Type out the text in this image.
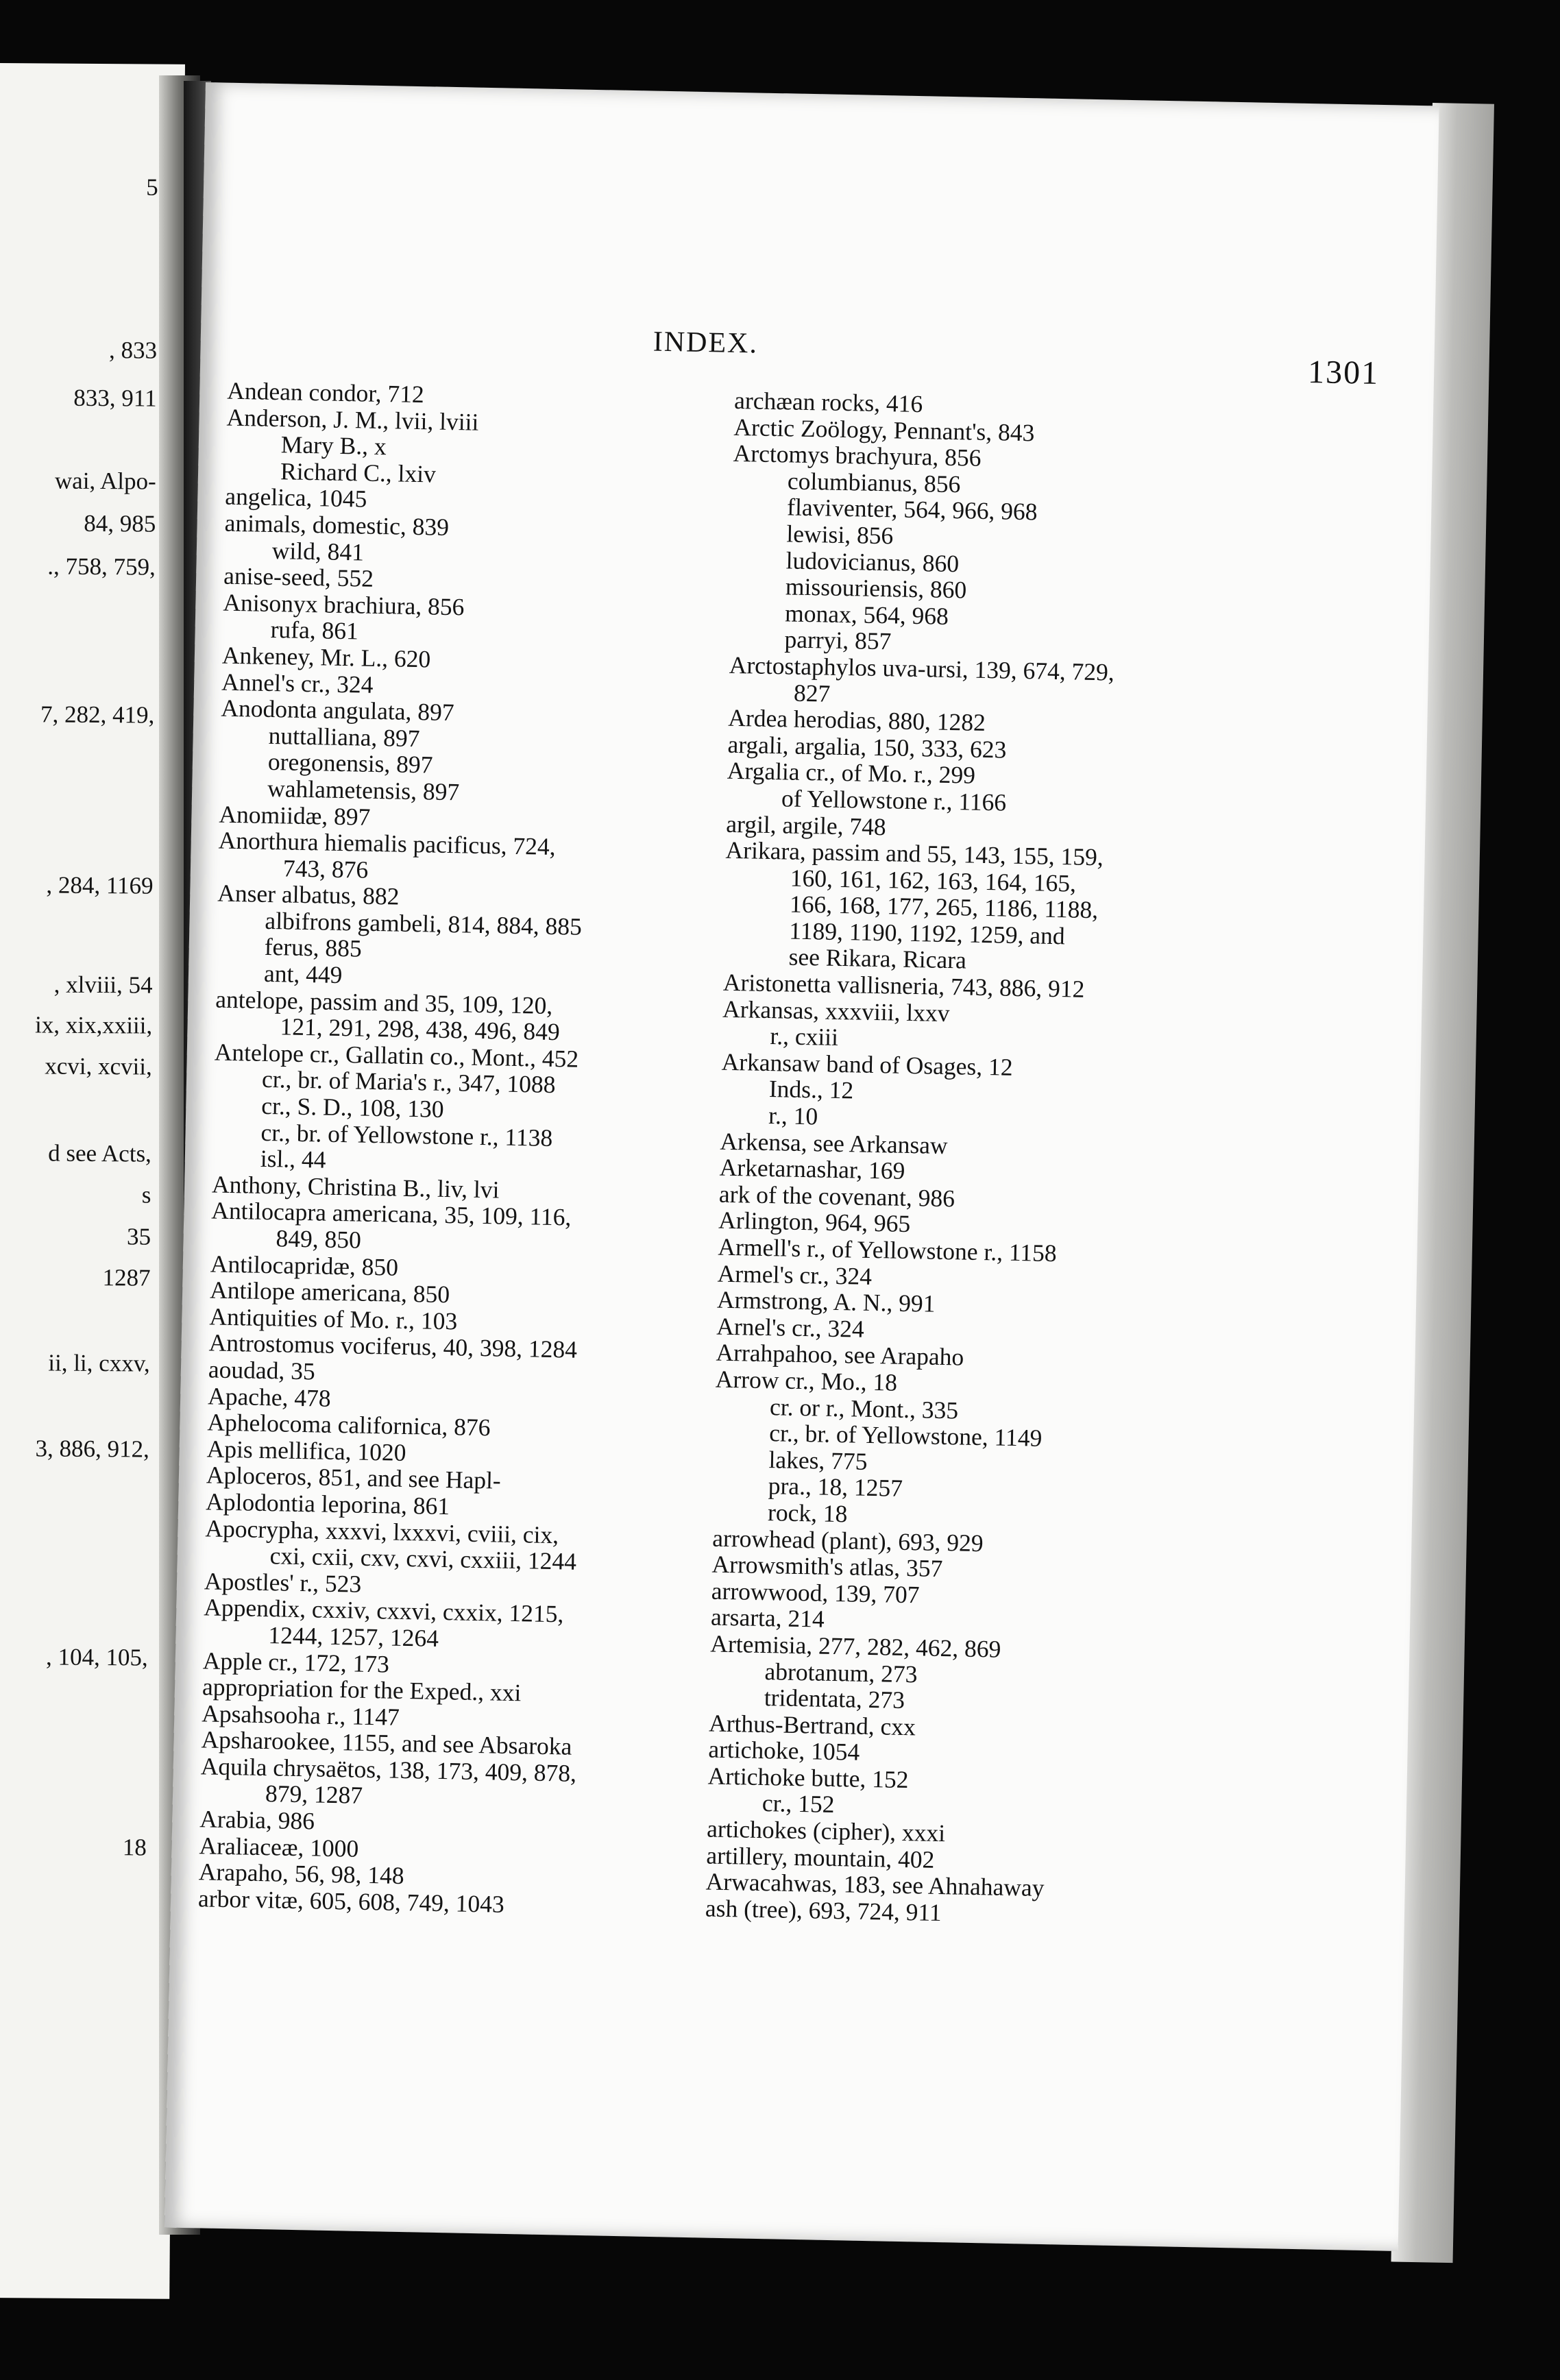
5
, 833
833, 911
wai, Alpo-
84, 985
., 758, 759,
7, 282, 419,
, 284, 1169
, xlviii, 54
ix, xix,xxiii,
xcvi, xcvii,
d see Acts,
s
35
1287
ii, li, cxxv,
3, 886, 912,
, 104, 105,
18
INDEX.
1301
Andean condor, 712
Anderson, J. M., lvii, lviii
Mary B., x
Richard C., lxiv
angelica, 1045
animals, domestic, 839
wild, 841
anise-seed, 552
Anisonyx brachiura, 856
rufa, 861
Ankeney, Mr. L., 620
Annel's cr., 324
Anodonta angulata, 897
nuttalliana, 897
oregonensis, 897
wahlametensis, 897
Anomiidæ, 897
Anorthura hiemalis pacificus, 724,
743, 876
Anser albatus, 882
albifrons gambeli, 814, 884, 885
ferus, 885
ant, 449
antelope, passim and 35, 109, 120,
121, 291, 298, 438, 496, 849
Antelope cr., Gallatin co., Mont., 452
cr., br. of Maria's r., 347, 1088
cr., S. D., 108, 130
cr., br. of Yellowstone r., 1138
isl., 44
Anthony, Christina B., liv, lvi
Antilocapra americana, 35, 109, 116,
849, 850
Antilocapridæ, 850
Antilope americana, 850
Antiquities of Mo. r., 103
Antrostomus vociferus, 40, 398, 1284
aoudad, 35
Apache, 478
Aphelocoma californica, 876
Apis mellifica, 1020
Aploceros, 851, and see Hapl-
Aplodontia leporina, 861
Apocrypha, xxxvi, lxxxvi, cviii, cix,
cxi, cxii, cxv, cxvi, cxxiii, 1244
Apostles' r., 523
Appendix, cxxiv, cxxvi, cxxix, 1215,
1244, 1257, 1264
Apple cr., 172, 173
appropriation for the Exped., xxi
Apsahsooha r., 1147
Apsharookee, 1155, and see Absaroka
Aquila chrysaëtos, 138, 173, 409, 878,
879, 1287
Arabia, 986
Araliaceæ, 1000
Arapaho, 56, 98, 148
arbor vitæ, 605, 608, 749, 1043
archæan rocks, 416
Arctic Zoölogy, Pennant's, 843
Arctomys brachyura, 856
columbianus, 856
flaviventer, 564, 966, 968
lewisi, 856
ludovicianus, 860
missouriensis, 860
monax, 564, 968
parryi, 857
Arctostaphylos uva-ursi, 139, 674, 729,
827
Ardea herodias, 880, 1282
argali, argalia, 150, 333, 623
Argalia cr., of Mo. r., 299
of Yellowstone r., 1166
argil, argile, 748
Arikara, passim and 55, 143, 155, 159,
160, 161, 162, 163, 164, 165,
166, 168, 177, 265, 1186, 1188,
1189, 1190, 1192, 1259, and
see Rikara, Ricara
Aristonetta vallisneria, 743, 886, 912
Arkansas, xxxviii, lxxv
r., cxiii
Arkansaw band of Osages, 12
Inds., 12
r., 10
Arkensa, see Arkansaw
Arketarnashar, 169
ark of the covenant, 986
Arlington, 964, 965
Armell's r., of Yellowstone r., 1158
Armel's cr., 324
Armstrong, A. N., 991
Arnel's cr., 324
Arrahpahoo, see Arapaho
Arrow cr., Mo., 18
cr. or r., Mont., 335
cr., br. of Yellowstone, 1149
lakes, 775
pra., 18, 1257
rock, 18
arrowhead (plant), 693, 929
Arrowsmith's atlas, 357
arrowwood, 139, 707
arsarta, 214
Artemisia, 277, 282, 462, 869
abrotanum, 273
tridentata, 273
Arthus-Bertrand, cxx
artichoke, 1054
Artichoke butte, 152
cr., 152
artichokes (cipher), xxxi
artillery, mountain, 402
Arwacahwas, 183, see Ahnahaway
ash (tree), 693, 724, 911
